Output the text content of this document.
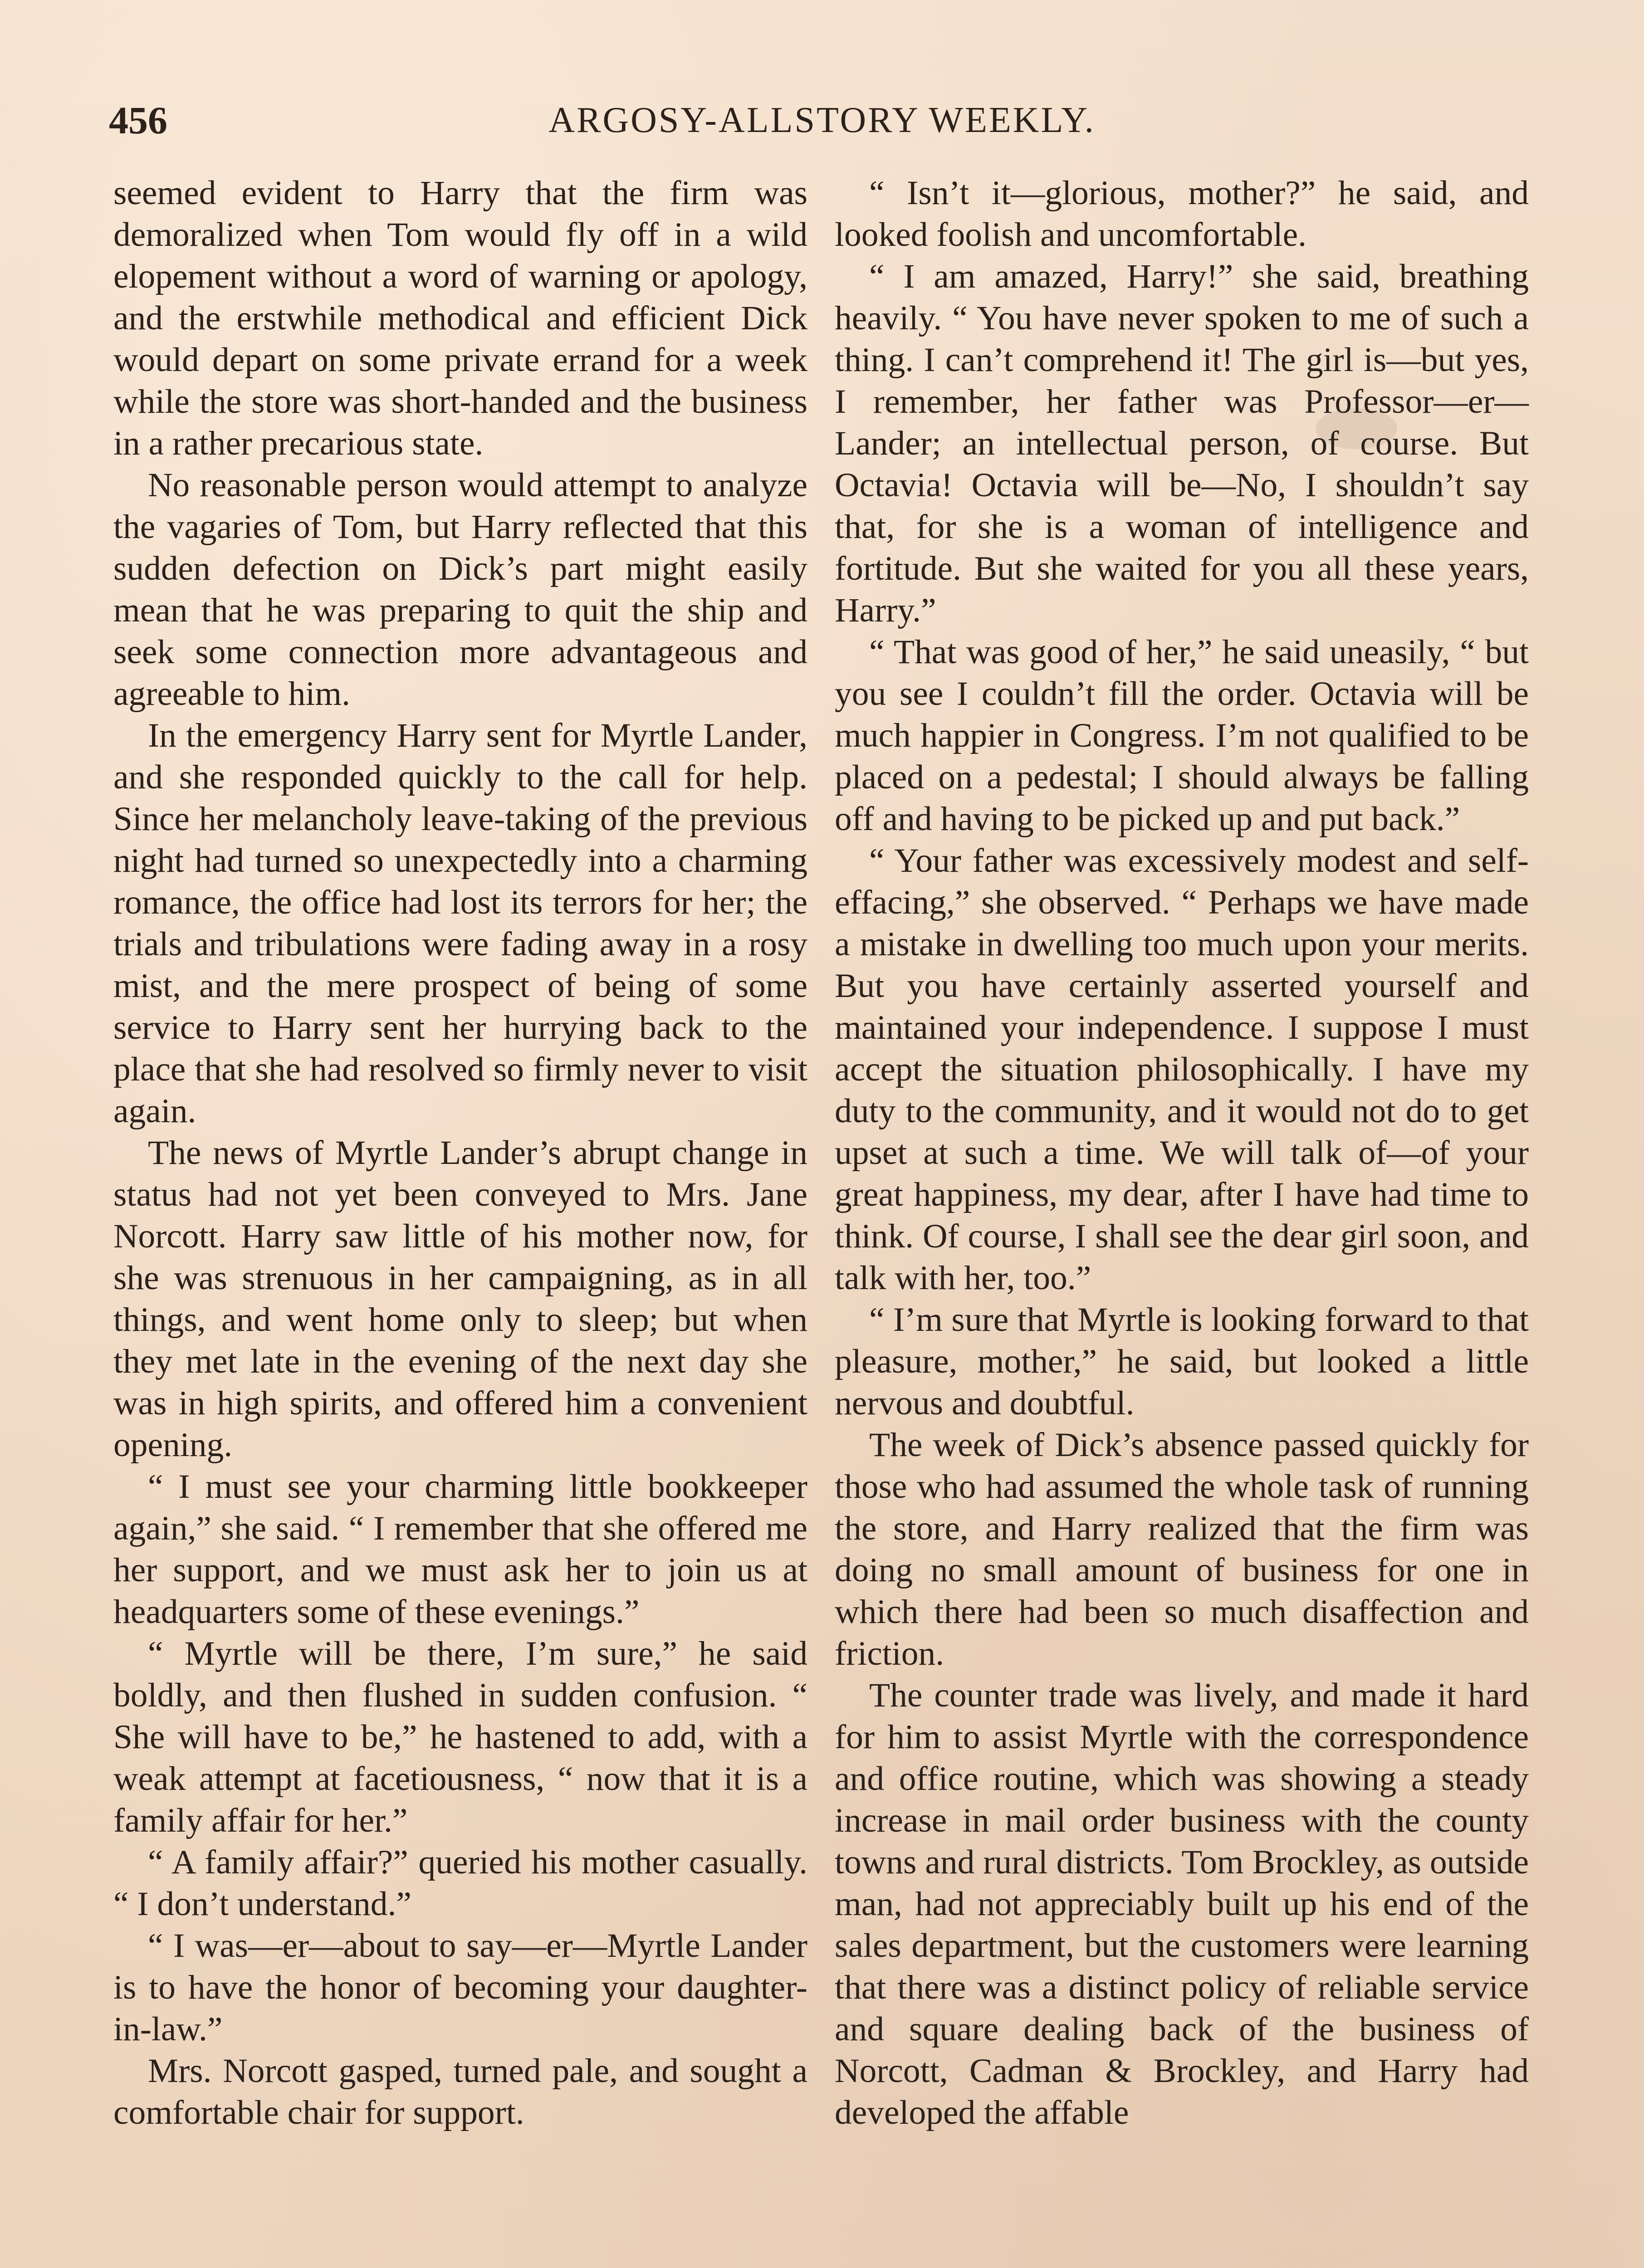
456	ARGOSY-ALLSTORY WEEKLY.

seemed evident to Harry that the firm was demoralized when Tom would fly off in a wild elopement without a word of warning or apology, and the erstwhile methodical and efficient Dick would depart on some private errand for a week while the store was short-handed and the business in a rather precarious state.

No reasonable person would attempt to analyze the vagaries of Tom, but Harry reflected that this sudden defection on Dick’s part might easily mean that he was preparing to quit the ship and seek some connection more advantageous and agreeable to him.

In the emergency Harry sent for Myrtle Lander, and she responded quickly to the call for help. Since her melancholy leave-taking of the previous night had turned so unexpectedly into a charming romance, the office had lost its terrors for her; the trials and tribulations were fading away in a rosy mist, and the mere prospect of being of some service to Harry sent her hurrying back to the place that she had resolved so firmly never to visit again.

The news of Myrtle Lander’s abrupt change in status had not yet been conveyed to Mrs. Jane Norcott. Harry saw little of his mother now, for she was strenuous in her campaigning, as in all things, and went home only to sleep; but when they met late in the evening of the next day she was in high spirits, and offered him a convenient opening.

“ I must see your charming little bookkeeper again,” she said. “ I remember that she offered me her support, and we must ask her to join us at headquarters some of these evenings.”

“ Myrtle will be there, I’m sure,” he said boldly, and then flushed in sudden confusion. “ She will have to be,” he hastened to add, with a weak attempt at facetiousness, “ now that it is a family affair for her.”

“ A family affair?” queried his mother casually. “ I don’t understand.”

“ I was—er—about to say—er—Myrtle Lander is to have the honor of becoming your daughter-in-law.”

Mrs. Norcott gasped, turned pale, and sought a comfortable chair for support.

“ Isn’t it—glorious, mother?” he said, and looked foolish and uncomfortable.

“ I am amazed, Harry!” she said, breathing heavily. “ You have never spoken to me of such a thing. I can’t comprehend it! The girl is—but yes, I remember, her father was Professor—er—Lander; an intellectual person, of course. But Octavia! Octavia will be—No, I shouldn’t say that, for she is a woman of intelligence and fortitude. But she waited for you all these years, Harry.”

“ That was good of her,” he said uneasily, “ but you see I couldn’t fill the order. Octavia will be much happier in Congress. I’m not qualified to be placed on a pedestal; I should always be falling off and having to be picked up and put back.”

“ Your father was excessively modest and self-effacing,” she observed. “ Perhaps we have made a mistake in dwelling too much upon your merits. But you have certainly asserted yourself and maintained your independence. I suppose I must accept the situation philosophically. I have my duty to the community, and it would not do to get upset at such a time. We will talk of—of your great happiness, my dear, after I have had time to think. Of course, I shall see the dear girl soon, and talk with her, too.”

“ I’m sure that Myrtle is looking forward to that pleasure, mother,” he said, but looked a little nervous and doubtful.

The week of Dick’s absence passed quickly for those who had assumed the whole task of running the store, and Harry realized that the firm was doing no small amount of business for one in which there had been so much disaffection and friction.

The counter trade was lively, and made it hard for him to assist Myrtle with the correspondence and office routine, which was showing a steady increase in mail order business with the county towns and rural districts. Tom Brockley, as outside man, had not appreciably built up his end of the sales department, but the customers were learning that there was a distinct policy of reliable service and square dealing back of the business of Norcott, Cadman & Brockley, and Harry had developed the affable
